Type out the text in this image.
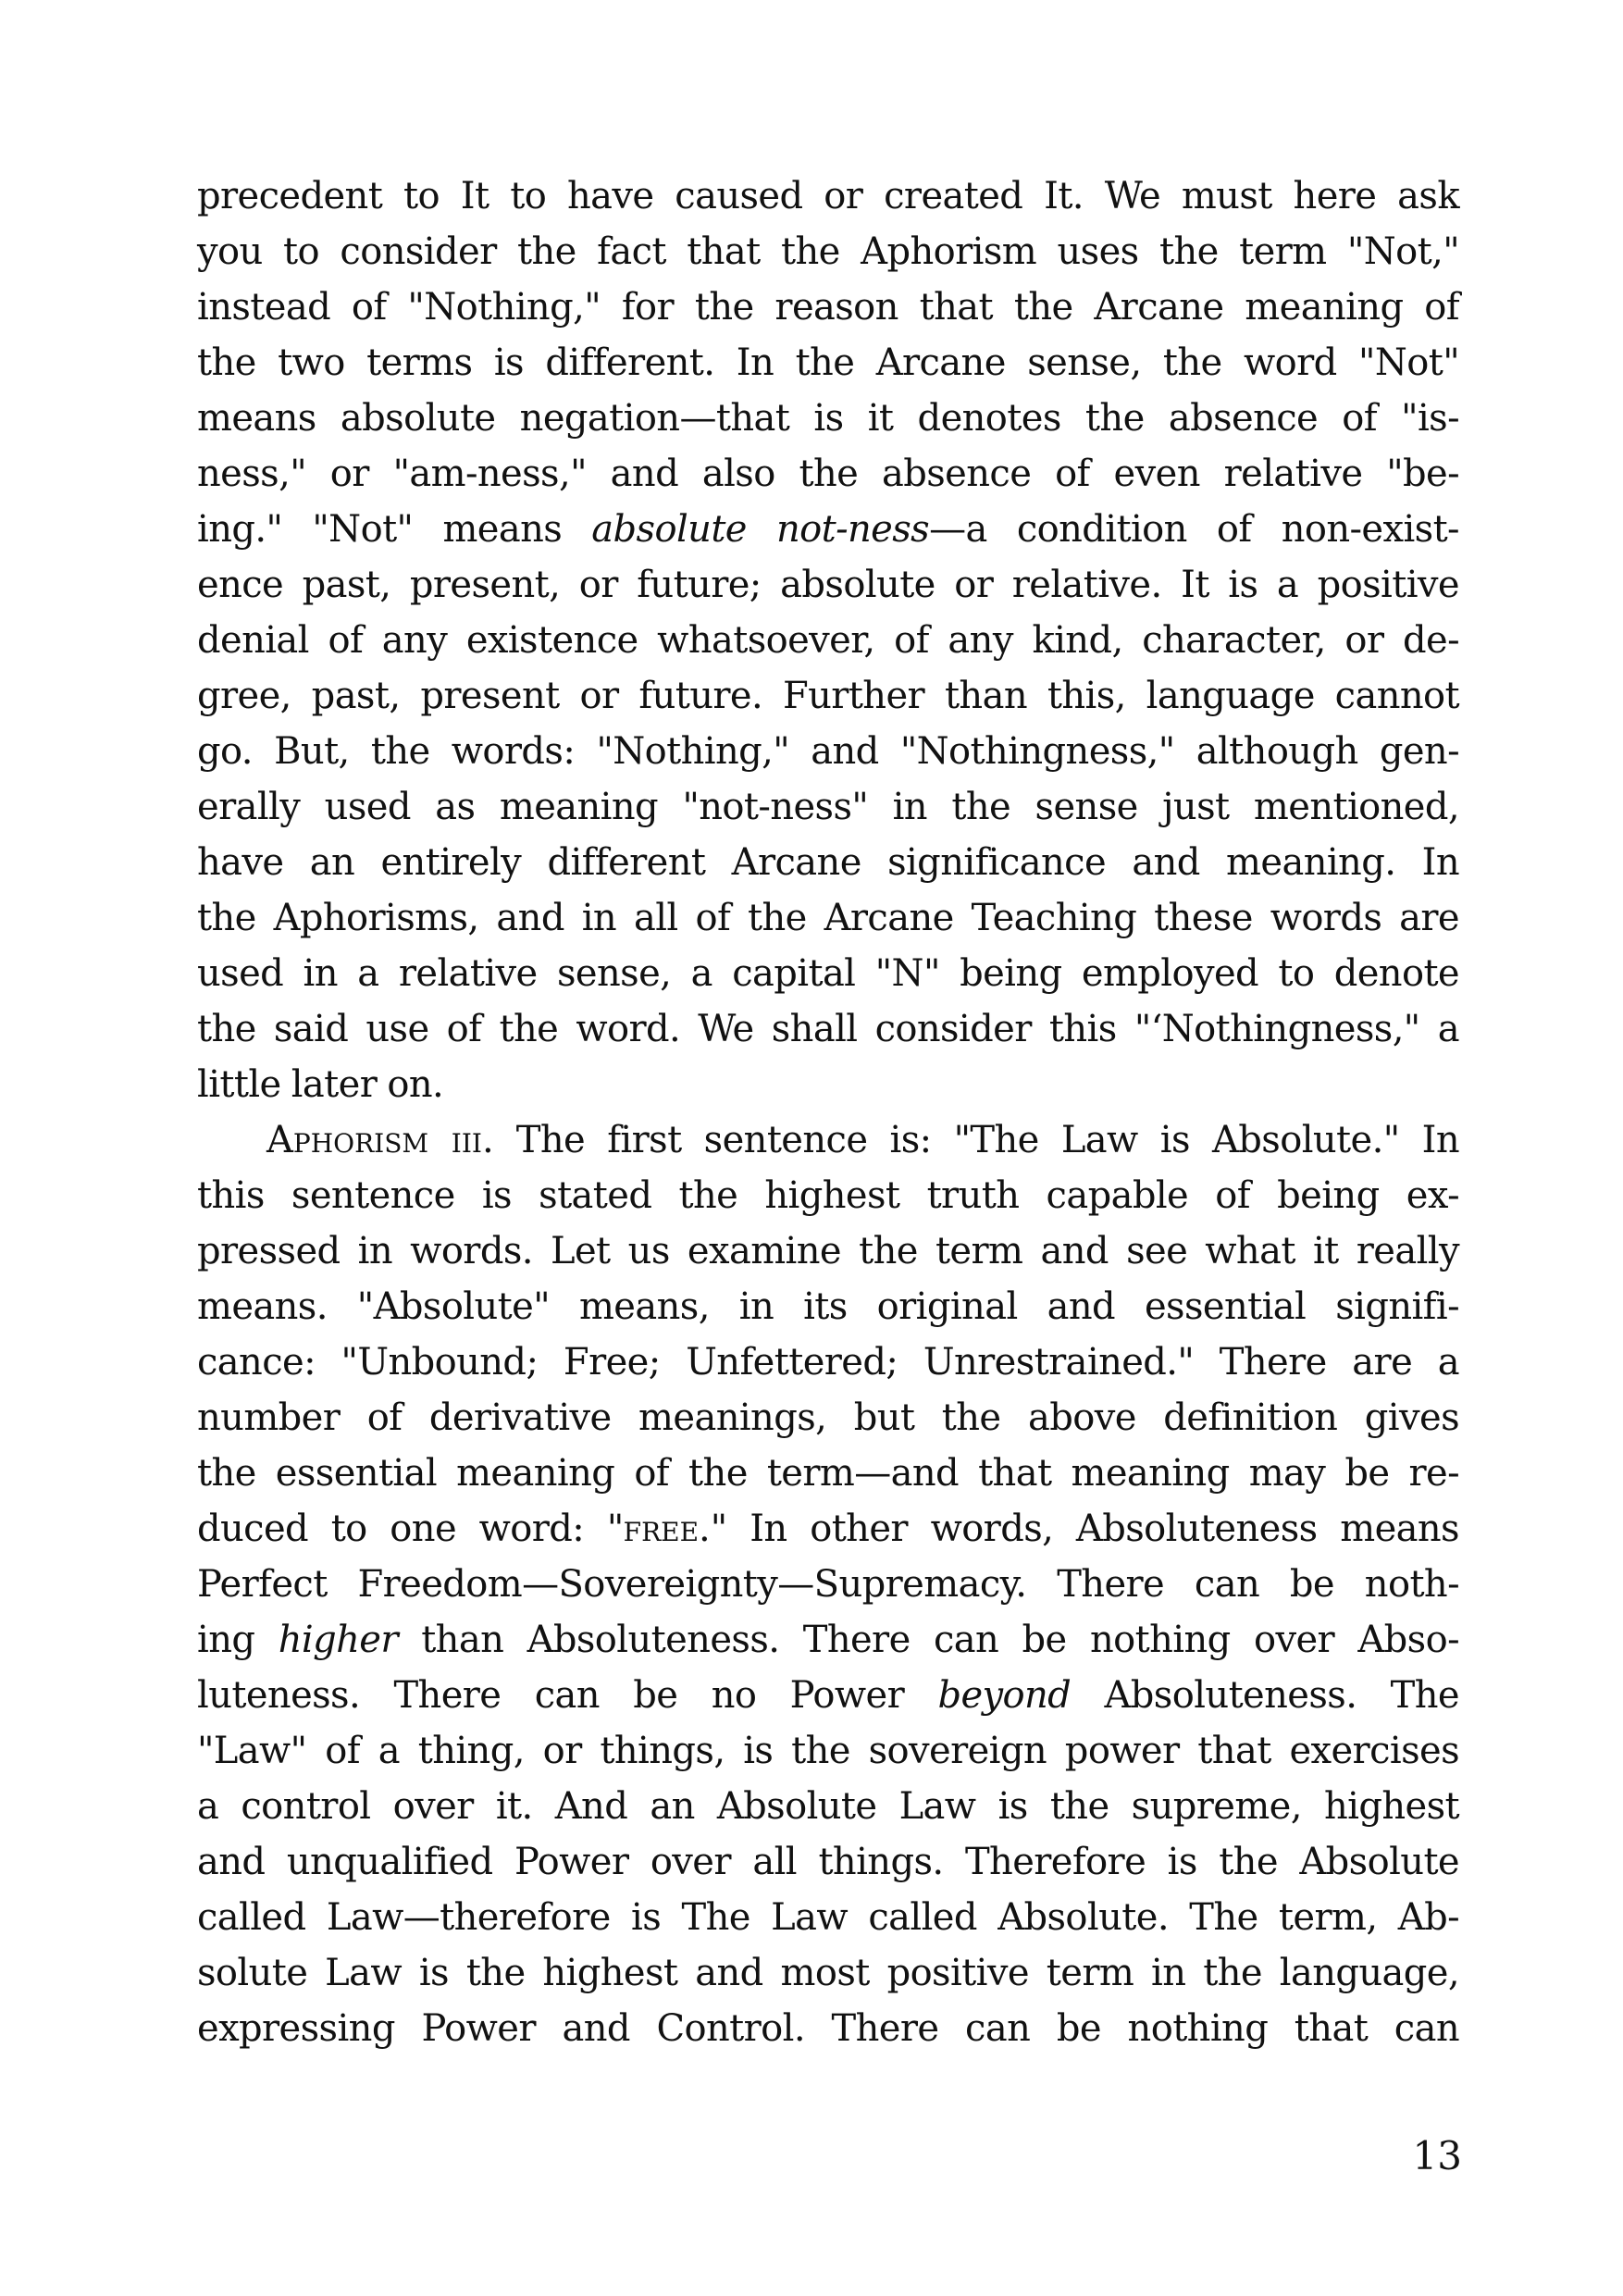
precedent to It to have caused or created It. We must here ask
you to consider the fact that the Aphorism uses the term "Not,"
instead of "Nothing," for the reason that the Arcane meaning of
the two terms is different. In the Arcane sense, the word "Not"
means absolute negation—that is it denotes the absence of "is-
ness," or "am-ness," and also the absence of even relative "be-
ing." "Not" means absolute not-ness—a condition of non-exist-
ence past, present, or future; absolute or relative. It is a positive
denial of any existence whatsoever, of any kind, character, or de-
gree, past, present or future. Further than this, language cannot
go. But, the words: "Nothing," and "Nothingness," although gen-
erally used as meaning "not-ness" in the sense just mentioned,
have an entirely different Arcane significance and meaning. In
the Aphorisms, and in all of the Arcane Teaching these words are
used in a relative sense, a capital "N" being employed to denote
the said use of the word. We shall consider this "‘Nothingness," a
little later on.
Aphorism iii. The first sentence is: "The Law is Absolute." In
this sentence is stated the highest truth capable of being ex-
pressed in words. Let us examine the term and see what it really
means. "Absolute" means, in its original and essential signifi-
cance: "Unbound; Free; Unfettered; Unrestrained." There are a
number of derivative meanings, but the above definition gives
the essential meaning of the term—and that meaning may be re-
duced to one word: "free." In other words, Absoluteness means
Perfect Freedom—Sovereignty—Supremacy. There can be noth-
ing higher than Absoluteness. There can be nothing over Abso-
luteness. There can be no Power beyond Absoluteness. The
"Law" of a thing, or things, is the sovereign power that exercises
a control over it. And an Absolute Law is the supreme, highest
and unqualified Power over all things. Therefore is the Absolute
called Law—therefore is The Law called Absolute. The term, Ab-
solute Law is the highest and most positive term in the language,
expressing Power and Control. There can be nothing that can
13
